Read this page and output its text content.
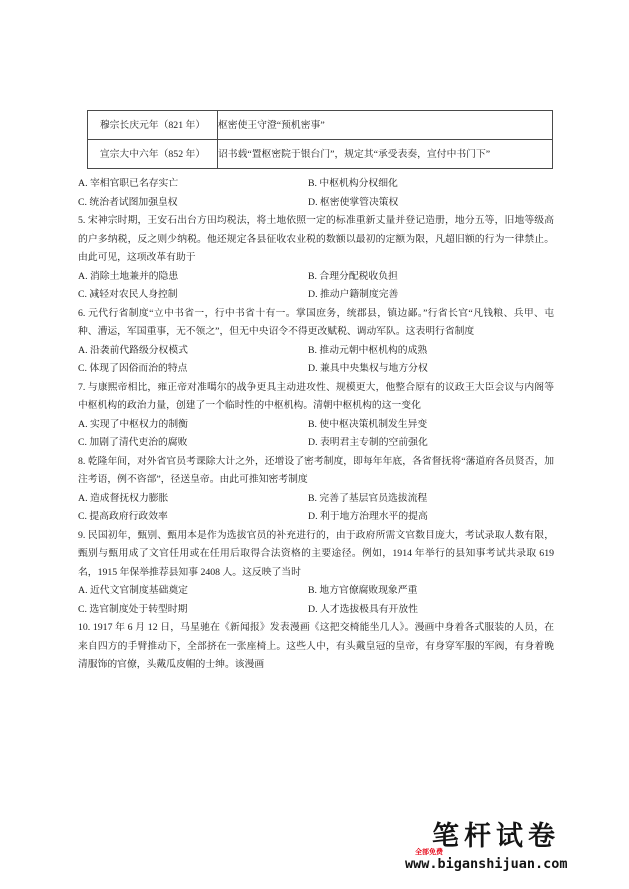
穆宗长庆元年（821 年）	枢密使王守澄“预机密事”
宣宗大中六年（852 年）	诏书载“置枢密院于银台门”，规定其“承受表奏，宣付中书门下”
A. 宰相官职已名存实亡	B. 中枢机构分权细化
C. 统治者试图加强皇权	D. 枢密使掌管决策权

5. 宋神宗时期，王安石出台方田均税法，将土地依照一定的标准重新丈量并登记造册，地分五等，旧地等级高的户多纳税，反之则少纳税。他还规定各县征收农业税的数额以最初的定额为限，凡超旧额的行为一律禁止。由此可见，这项改革有助于

A. 消除土地兼并的隐患	B. 合理分配税收负担
C. 减轻对农民人身控制	D. 推动户籍制度完善

6. 元代行省制度“立中书省一，行中书省十有一。掌国庶务，统郡县，镇边鄙。”行省长官“凡钱粮、兵甲、屯种、漕运，军国重事，无不领之”，但无中央诏令不得更改赋税、调动军队。这表明行省制度

A. 沿袭前代路级分权模式	B. 推动元朝中枢机构的成熟
C. 体现了因俗而治的特点	D. 兼具中央集权与地方分权

7. 与康熙帝相比，雍正帝对准噶尔的战争更具主动进攻性、规模更大，他整合原有的议政王大臣会议与内阁等中枢机构的政治力量，创建了一个临时性的中枢机构。清朝中枢机构的这一变化

A. 实现了中枢权力的制衡	B. 使中枢决策机制发生异变
C. 加剧了清代吏治的腐败	D. 表明君主专制的空前强化

8. 乾隆年间，对外省官员考课除大计之外，还增设了密考制度，即每年年底，各省督抚将“藩道府各员贤否，加注考语，例不咨部”，径送皇帝。由此可推知密考制度

A. 造成督抚权力膨胀	B. 完善了基层官员选拔流程
C. 提高政府行政效率	D. 利于地方治理水平的提高

9. 民国初年，甄别、甄用本是作为选拔官员的补充进行的，由于政府所需文官数目庞大，考试录取人数有限，甄别与甄用成了文官任用或在任用后取得合法资格的主要途径。例如，1914 年举行的县知事考试共录取 619 名，1915 年保举推荐县知事 2408 人。这反映了当时

A. 近代文官制度基础奠定	B. 地方官僚腐败现象严重
C. 选官制度处于转型时期	D. 人才选拔极具有开放性

10. 1917 年 6 月 12 日，马星驰在《新闻报》发表漫画《这把交椅能坐几人》。漫画中身着各式服装的人员，在来自四方的手臂推动下，全部挤在一张座椅上。这些人中，有头戴皇冠的皇帝，有身穿军服的军阀，有身着晚清服饰的官僚，头戴瓜皮帽的士绅。该漫画

笔杆试卷
全部免费
www.biganshijuan.com
